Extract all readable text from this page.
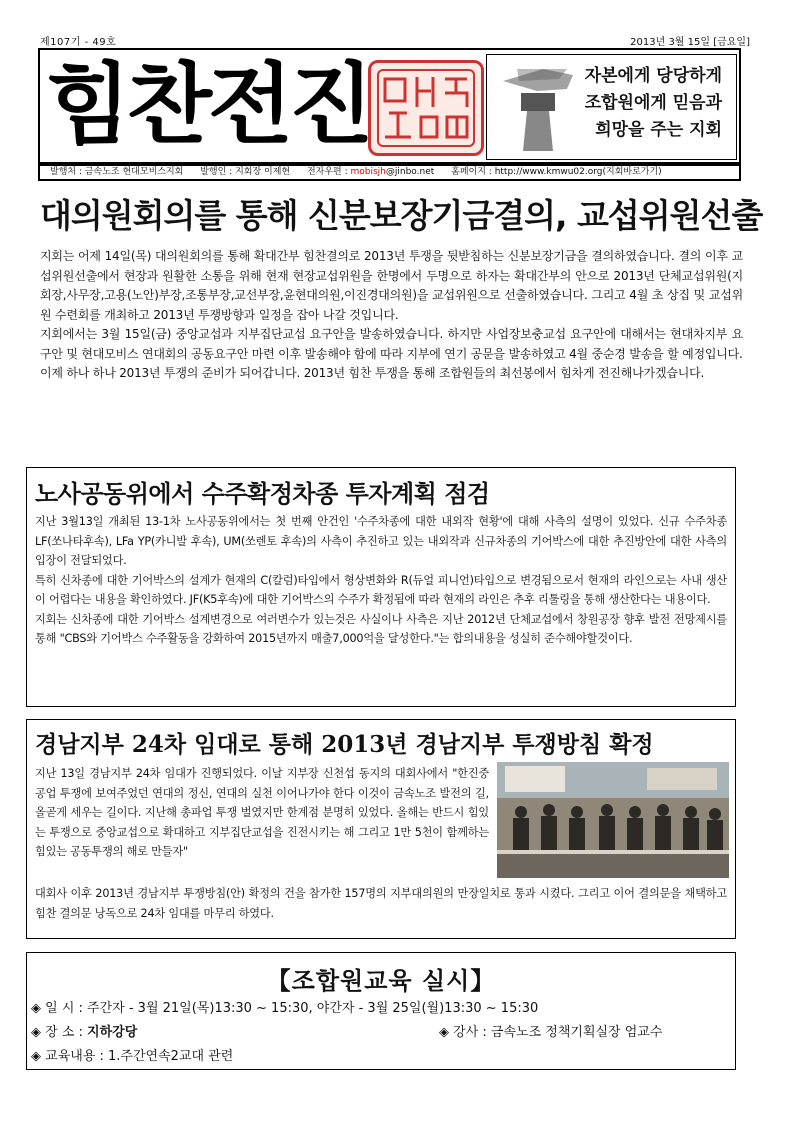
제107기 - 49호	2013년 3월 15일 [금요일]
힘찬전진	자본에게 당당하게
조합원에게 믿음과
희망을 주는 지회
발행처 : 금속노조 현대모비스지회 발행인 : 지회장 이제현 전자우편 : mobisjh@jinbo.net 홈페이지 : http://www.kmwu02.org(지회바로가기)
대의원회의를 통해 신분보장기금결의, 교섭위원선출
지회는 어제 14일(목) 대의원회의를 통해 확대간부 힘찬결의로 2013년 투쟁을 뒷받침하는 신분보장기금을 결의하였습니다. 결의 이후 교섭위원선출에서 현장과 원활한 소통을 위해 현재 현장교섭위원을 한명에서 두명으로 하자는 확대간부의 안으로 2013년 단체교섭위원(지회장,사무장,고용(노안)부장,조통부장,교선부장,윤현대의원,이진경대의원)을 교섭위원으로 선출하였습니다. 그리고 4월 초 상집 및 교섭위원 수련회를 개최하고 2013년 투쟁방향과 일정을 잡아 나갈 것입니다.
지회에서는 3월 15일(금) 중앙교섭과 지부집단교섭 요구안을 발송하였습니다. 하지만 사업장보충교섭 요구안에 대해서는 현대차지부 요구안 및 현대모비스 연대회의 공동요구안 마련 이후 발송해야 함에 따라 지부에 연기 공문을 발송하였고 4월 중순경 발송을 할 예정입니다.
이제 하나 하나 2013년 투쟁의 준비가 되어갑니다. 2013년 힘찬 투쟁을 통해 조합원들의 최선봉에서 힘차게 전진해나가겠습니다.
노사공동위에서 수주확정차종 투자계획 점검
지난 3월13일 개최된 13-1차 노사공동위에서는 첫 번째 안건인 '수주차종에 대한 내외작 현황'에 대해 사측의 설명이 있었다. 신규 수주차종 LF(쏘나타후속), LFa YP(카니발 후속), UM(쏘렌토 후속)의 사측이 추진하고 있는 내외작과 신규차종의 기어박스에 대한 추진방안에 대한 사측의 입장이 전달되었다.
특히 신차종에 대한 기어박스의 설계가 현재의 C(칼럼)타입에서 형상변화와 R(듀얼 피니언)타입으로 변경됨으로서 현재의 라인으로는 사내 생산이 어렵다는 내용을 확인하였다. JF(K5후속)에 대한 기어박스의 수주가 확정됨에 따라 현재의 라인은 추후 리툴링을 통해 생산한다는 내용이다.
지회는 신차종에 대한 기어박스 설계변경으로 여러변수가 있는것은 사실이나 사측은 지난 2012년 단체교섭에서 창원공장 향후 발전 전망제시를 통해 "CBS와 기어박스 수주활동을 강화하여 2015년까지 매출7,000억을 달성한다."는 합의내용을 성실히 준수해야할것이다.
경남지부 24차 임대로 통해 2013년 경남지부 투쟁방침 확정
지난 13일 경남지부 24차 임대가 진행되었다. 이날 지부장 신천섭 동지의 대회사에서 "한진중공업 투쟁에 보여주었던 연대의 정신, 연대의 실천 이어나가야 한다 이것이 금속노조 발전의 길, 올곧게 세우는 길이다. 지난해 총파업 투쟁 벌였지만 한계점 분명히 있었다. 올해는 반드시 힘있는 투쟁으로 중앙교섭으로 확대하고 지부집단교섭을 진전시키는 해 그리고 1만 5천이 함께하는 힘있는 공동투쟁의 해로 만들자"
대회사 이후 2013년 경남지부 투쟁방침(안) 확정의 건을 참가한 157명의 지부대의원의 만장일치로 통과 시켰다. 그리고 이어 결의문을 채택하고 힘찬 결의문 낭독으로 24차 임대를 마무리 하였다.
【조합원교육 실시】
◈ 일 시 : 주간자 - 3월 21일(목)13:30 ~ 15:30, 야간자 - 3월 25일(월)13:30 ~ 15:30
◈ 장 소 : 지하강당	◈ 강사 : 금속노조 정책기획실장 엄교수
◈ 교육내용 : 1.주간연속2교대 관련
